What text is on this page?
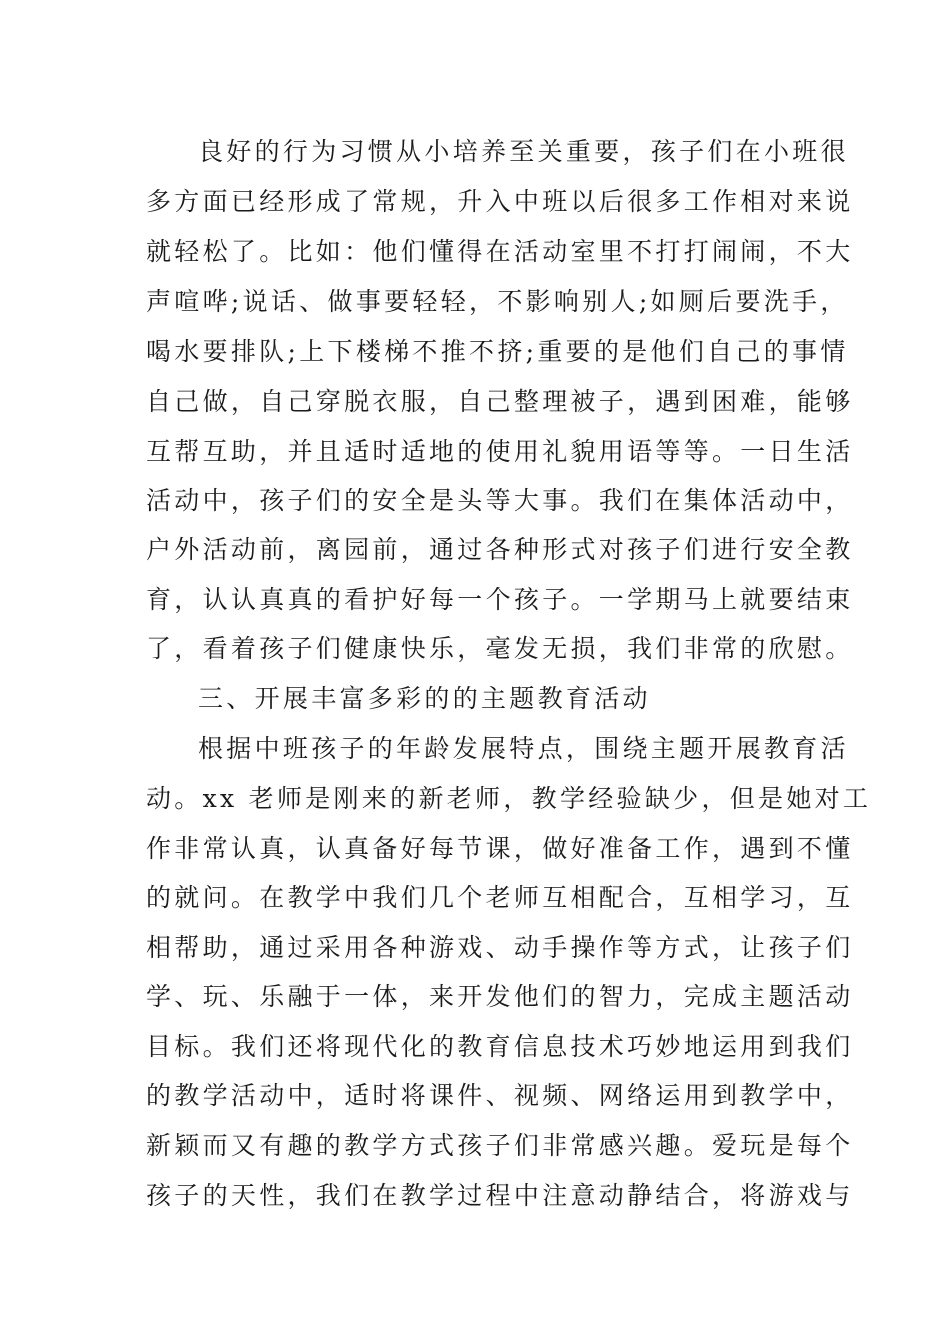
良好的行为习惯从小培养至关重要，孩子们在小班很
多方面已经形成了常规，升入中班以后很多工作相对来说
就轻松了。比如：他们懂得在活动室里不打打闹闹，不大
声喧哗;说话、做事要轻轻，不影响别人;如厕后要洗手，
喝水要排队;上下楼梯不推不挤;重要的是他们自己的事情
自己做，自己穿脱衣服，自己整理被子，遇到困难，能够
互帮互助，并且适时适地的使用礼貌用语等等。一日生活
活动中，孩子们的安全是头等大事。我们在集体活动中，
户外活动前，离园前，通过各种形式对孩子们进行安全教
育，认认真真的看护好每一个孩子。一学期马上就要结束
了，看着孩子们健康快乐，毫发无损，我们非常的欣慰。
三、开展丰富多彩的的主题教育活动
根据中班孩子的年龄发展特点，围绕主题开展教育活
动。xx 老师是刚来的新老师，教学经验缺少，但是她对工
作非常认真，认真备好每节课，做好准备工作，遇到不懂
的就问。在教学中我们几个老师互相配合，互相学习，互
相帮助，通过采用各种游戏、动手操作等方式，让孩子们
学、玩、乐融于一体，来开发他们的智力，完成主题活动
目标。我们还将现代化的教育信息技术巧妙地运用到我们
的教学活动中，适时将课件、视频、网络运用到教学中，
新颖而又有趣的教学方式孩子们非常感兴趣。爱玩是每个
孩子的天性，我们在教学过程中注意动静结合，将游戏与
